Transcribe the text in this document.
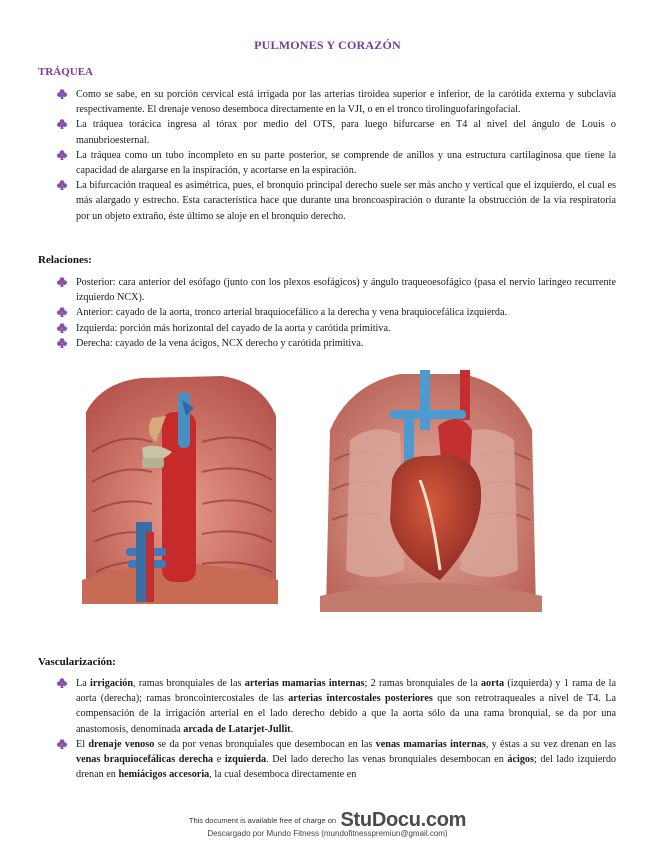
PULMONES Y CORAZÓN
TRÁQUEA
Como se sabe, en su porción cervical está irrigada por las arterias tiroidea superior e inferior, de la carótida externa y subclavia respectivamente. El drenaje venoso desemboca directamente en la VJI, o en el tronco tirolinguofaringofacial.
La tráquea torácica ingresa al tórax por medio del OTS, para luego bifurcarse en T4 al nivel del ángulo de Louis o manubrioesternal.
La tráquea como un tubo incompleto en su parte posterior, se comprende de anillos y una estructura cartilaginosa que tiene la capacidad de alargarse en la inspiración, y acortarse en la espiración.
La bifurcación traqueal es asimétrica, pues, el bronquio principal derecho suele ser más ancho y vertical que el izquierdo, el cual es más alargado y estrecho. Esta característica hace que durante una broncoaspiración o durante la obstrucción de la vía respiratoria por un objeto extraño, éste último se aloje en el bronquio derecho.
Relaciones:
Posterior: cara anterior del esófago (junto con los plexos esofágicos) y ángulo traqueoesofágico (pasa el nervio laríngeo recurrente izquierdo NCX).
Anterior: cayado de la aorta, tronco arterial braquiocefálico a la derecha y vena braquiocefálica izquierda.
Izquierda: porción más horizontal del cayado de la aorta y carótida primitiva.
Derecha: cayado de la vena ácigos, NCX derecho y carótida primitiva.
Vascularización:
La irrigación, ramas bronquiales de las arterias mamarias internas; 2 ramas bronquiales de la aorta (izquierda) y 1 rama de la aorta (derecha); ramas broncointercostales de las arterias intercostales posteriores que son retrotraqueales a nivel de T4. La compensación de la irrigación arterial en el lado derecho debido a que la aorta sólo da una rama bronquial, se da por una anastomosis, denominada arcada de Latarjet-Jullit.
El drenaje venoso se da por venas bronquiales que desembocan en las venas mamarias internas, y éstas a su vez drenan en las venas braquiocefálicas derecha e izquierda. Del lado derecho las venas bronquiales desembocan en ácigos; del lado izquierdo drenan en hemiácigos accesoria, la cual desemboca directamente en
This document is available free of charge on StuDocu.com
Descargado por Mundo Fitness (mundofitnesspremiun@gmail.com)
